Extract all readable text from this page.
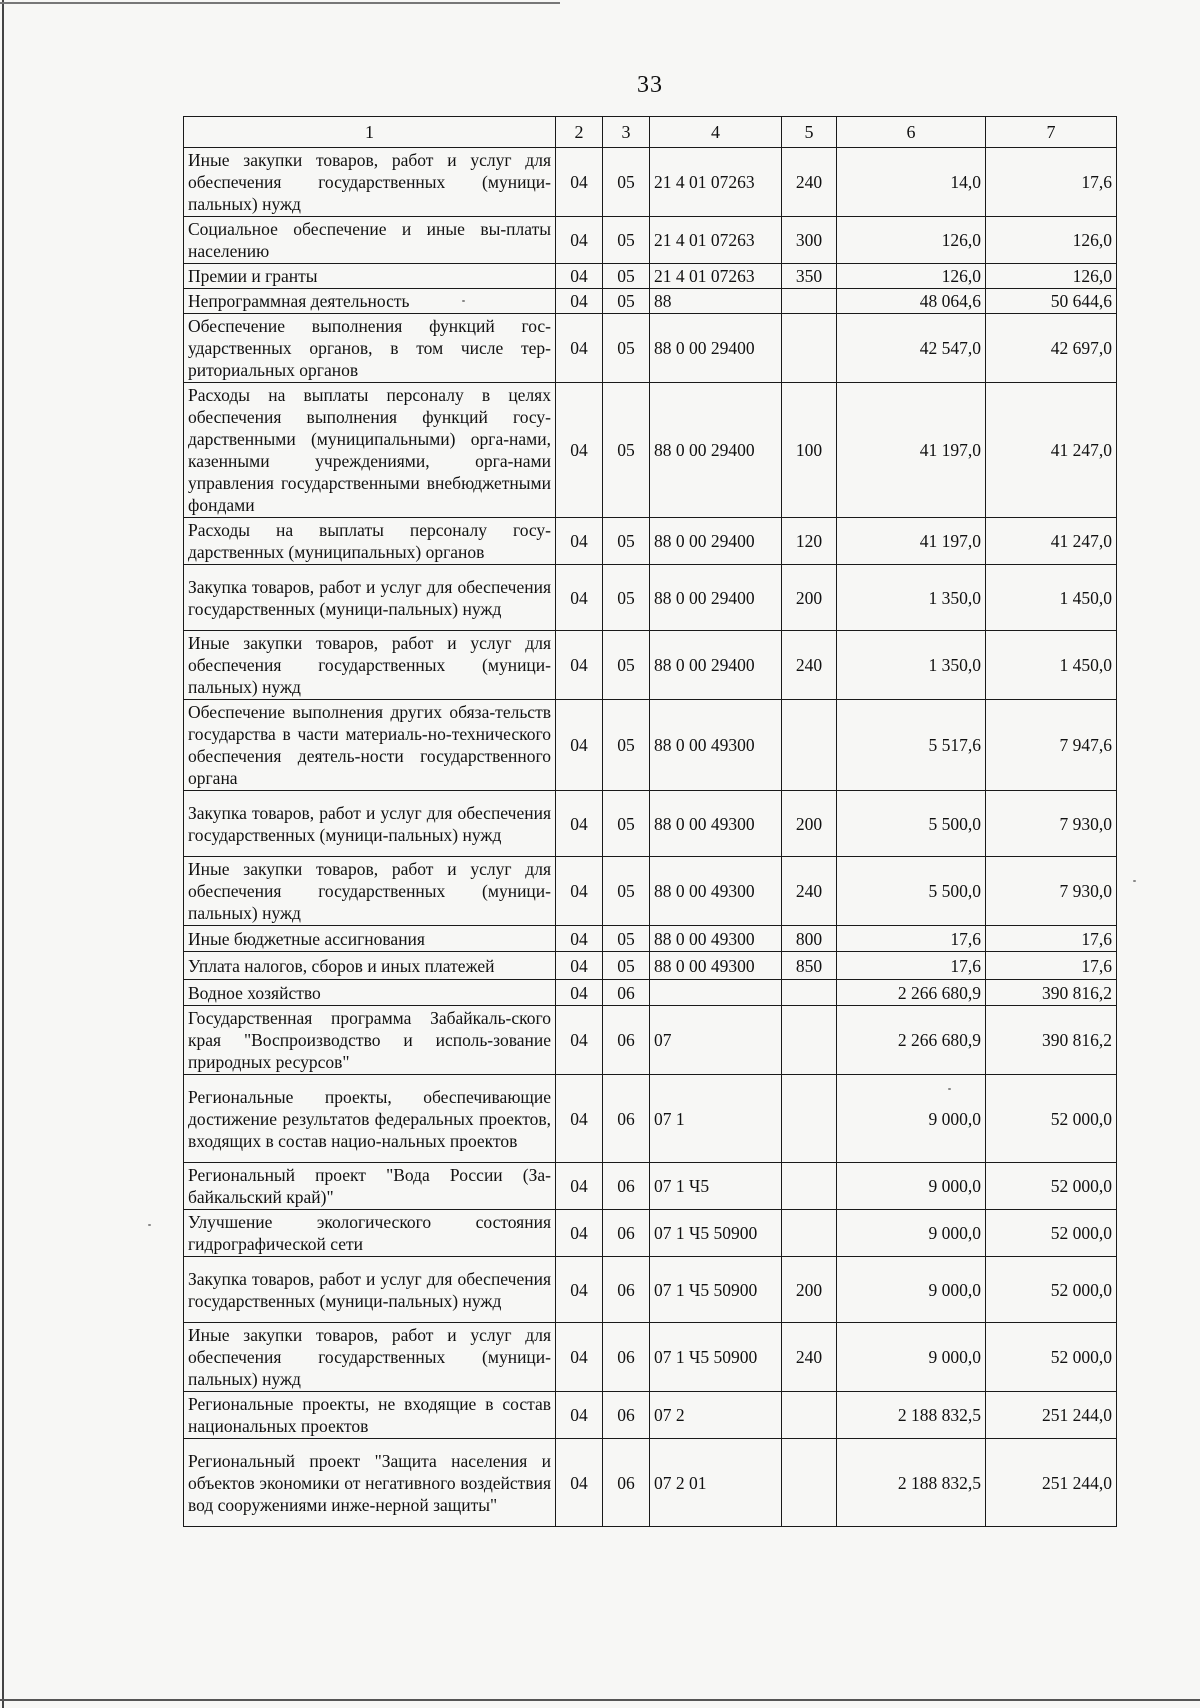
33
1	2	3	4	5	6	7
Иные закупки товаров, работ и услуг для обеспечения государственных (муници-​пальных) нужд	04	05	21 4 01 07263	240	14,0	17,6
Социальное обеспечение и иные вы-​платы населению	04	05	21 4 01 07263	300	126,0	126,0
Премии и гранты	04	05	21 4 01 07263	350	126,0	126,0
Непрограммная деятельность	04	05	88		48 064,6	50 644,6
Обеспечение выполнения функций гос-​ударственных органов, в том числе тер-​риториальных органов	04	05	88 0 00 29400		42 547,0	42 697,0
Расходы на выплаты персоналу в целях обеспечения выполнения функций госу-​дарственными (муниципальными) орга-​нами, казенными учреждениями, орга-​нами управления государственными внебюджетными фондами	04	05	88 0 00 29400	100	41 197,0	41 247,0
Расходы на выплаты персоналу госу-​дарственных (муниципальных) органов	04	05	88 0 00 29400	120	41 197,0	41 247,0
Закупка товаров, работ и услуг для обеспечения государственных (муници-​пальных) нужд	04	05	88 0 00 29400	200	1 350,0	1 450,0
Иные закупки товаров, работ и услуг для обеспечения государственных (муници-​пальных) нужд	04	05	88 0 00 29400	240	1 350,0	1 450,0
Обеспечение выполнения других обяза-​тельств государства в части материаль-​но-технического обеспечения деятель-​ности государственного органа	04	05	88 0 00 49300		5 517,6	7 947,6
Закупка товаров, работ и услуг для обеспечения государственных (муници-​пальных) нужд	04	05	88 0 00 49300	200	5 500,0	7 930,0
Иные закупки товаров, работ и услуг для обеспечения государственных (муници-​пальных) нужд	04	05	88 0 00 49300	240	5 500,0	7 930,0
Иные бюджетные ассигнования	04	05	88 0 00 49300	800	17,6	17,6
Уплата налогов, сборов и иных платежей	04	05	88 0 00 49300	850	17,6	17,6
Водное хозяйство	04	06			2 266 680,9	390 816,2
Государственная программа Забайкаль-​ского края "Воспроизводство и исполь-​зование природных ресурсов"	04	06	07		2 266 680,9	390 816,2
Региональные проекты, обеспечивающие достижение результатов федеральных проектов, входящих в состав нацио-​нальных проектов	04	06	07 1		9 000,0	52 000,0
Региональный проект "Вода России (За-​байкальский край)"	04	06	07 1 Ч5		9 000,0	52 000,0
Улучшение экологического состояния гидрографической сети	04	06	07 1 Ч5 50900		9 000,0	52 000,0
Закупка товаров, работ и услуг для обеспечения государственных (муници-​пальных) нужд	04	06	07 1 Ч5 50900	200	9 000,0	52 000,0
Иные закупки товаров, работ и услуг для обеспечения государственных (муници-​пальных) нужд	04	06	07 1 Ч5 50900	240	9 000,0	52 000,0
Региональные проекты, не входящие в состав национальных проектов	04	06	07 2		2 188 832,5	251 244,0
Региональный проект "Защита населения и объектов экономики от негативного воздействия вод сооружениями инже-​нерной защиты"	04	06	07 2 01		2 188 832,5	251 244,0
